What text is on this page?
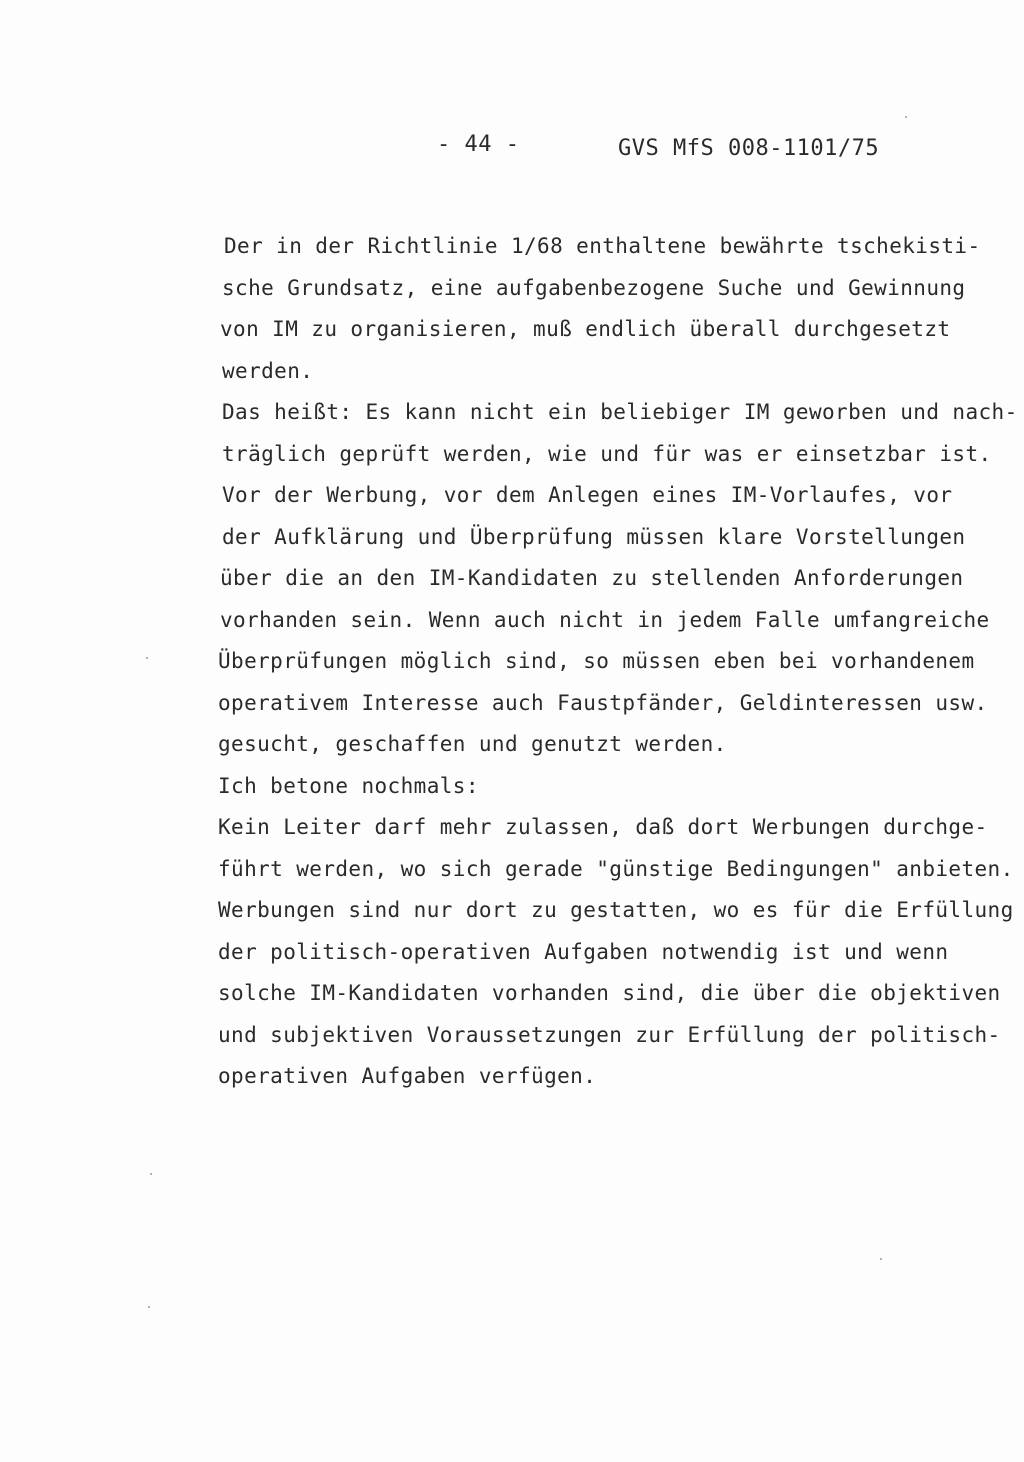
- 44 -	GVS MfS 008-1101/75
Der in der Richtlinie 1/68 enthaltene bewährte tschekisti-
sche Grundsatz, eine aufgabenbezogene Suche und Gewinnung
von IM zu organisieren, muß endlich überall durchgesetzt
werden.
Das heißt: Es kann nicht ein beliebiger IM geworben und nach-
träglich geprüft werden, wie und für was er einsetzbar ist.
Vor der Werbung, vor dem Anlegen eines IM-Vorlaufes, vor
der Aufklärung und Überprüfung müssen klare Vorstellungen
über die an den IM-Kandidaten zu stellenden Anforderungen
vorhanden sein. Wenn auch nicht in jedem Falle umfangreiche
Überprüfungen möglich sind, so müssen eben bei vorhandenem
operativem Interesse auch Faustpfänder, Geldinteressen usw.
gesucht, geschaffen und genutzt werden.
Ich betone nochmals:
Kein Leiter darf mehr zulassen, daß dort Werbungen durchge-
führt werden, wo sich gerade "günstige Bedingungen" anbieten.
Werbungen sind nur dort zu gestatten, wo es für die Erfüllung
der politisch-operativen Aufgaben notwendig ist und wenn
solche IM-Kandidaten vorhanden sind, die über die objektiven
und subjektiven Voraussetzungen zur Erfüllung der politisch-
operativen Aufgaben verfügen.
